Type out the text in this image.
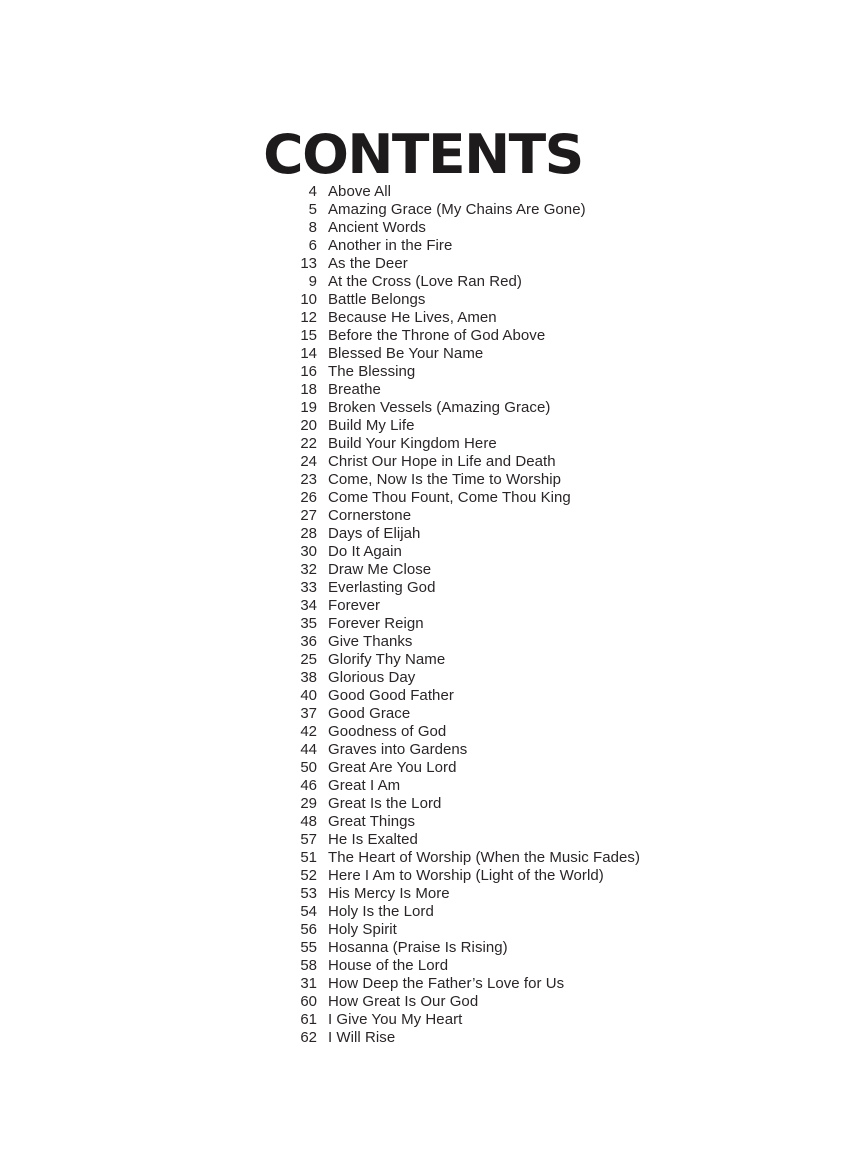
CONTENTS
4 Above All
5 Amazing Grace (My Chains Are Gone)
8 Ancient Words
6 Another in the Fire
13 As the Deer
9 At the Cross (Love Ran Red)
10 Battle Belongs
12 Because He Lives, Amen
15 Before the Throne of God Above
14 Blessed Be Your Name
16 The Blessing
18 Breathe
19 Broken Vessels (Amazing Grace)
20 Build My Life
22 Build Your Kingdom Here
24 Christ Our Hope in Life and Death
23 Come, Now Is the Time to Worship
26 Come Thou Fount, Come Thou King
27 Cornerstone
28 Days of Elijah
30 Do It Again
32 Draw Me Close
33 Everlasting God
34 Forever
35 Forever Reign
36 Give Thanks
25 Glorify Thy Name
38 Glorious Day
40 Good Good Father
37 Good Grace
42 Goodness of God
44 Graves into Gardens
50 Great Are You Lord
46 Great I Am
29 Great Is the Lord
48 Great Things
57 He Is Exalted
51 The Heart of Worship (When the Music Fades)
52 Here I Am to Worship (Light of the World)
53 His Mercy Is More
54 Holy Is the Lord
56 Holy Spirit
55 Hosanna (Praise Is Rising)
58 House of the Lord
31 How Deep the Father’s Love for Us
60 How Great Is Our God
61 I Give You My Heart
62 I Will Rise
